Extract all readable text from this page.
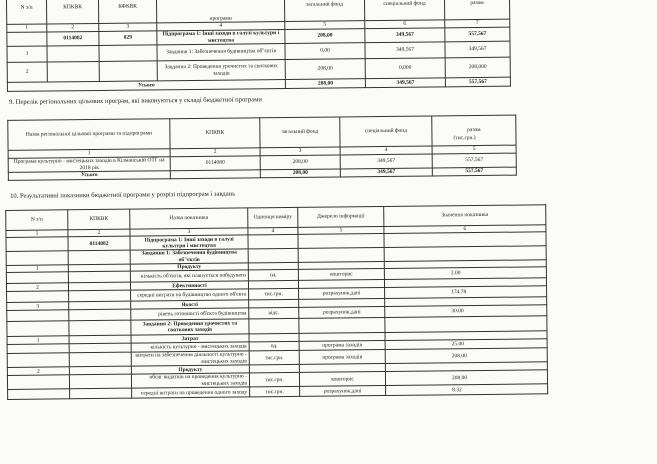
N з/п	КПКВК	КФКВК	програми	загальний фонд	спеціальний фонд	разом
1	2	3	4	5	6	7
	0114082	829	Підпрограма 1: Інші заходи в галузі культури і мистецтва	208,00	349,567	557,567
1			Завдання 1: Забезпечення будівництва об"єктів	0,00	349,567	349,567
2			Завдання 2: Проведення урочистих та святкових заходів	208,00	0,000	208,000
Усього				208,00	349,567	557,567
9. Перелік регіональних цільових програм, які виконуються у складі бюджетної програми
(тис.грн.)
Назва регіональної цільової програми та підпрограми	КПКВК	загальний фонд	спеціальний фонд	разом
1	2	3	4	5
Програма культурно - мистецьких заходів в Кілманській ОТГ на 2018 рік	0114080	208,00	349,567	557,567
Усього		208,00	349,567	557,567
10. Результативні показники бюджетної програми у розрізі підпрограм і завдань
N з/п	КПКВК	Назва показника	Одиниця виміру	Джерело інформації	Значення показника
1	2	3	4	5	6
	0114082	Підпрограма 1: Інші заходи в галузі культури і мистецтва			
		Завдання 1: Забезпечення будівництва об"єктів			
1		Продукту			
		кількість об'єктів, які планується побудувати	од.	кошторис	2.00
2		Ефективності			
		середні витрати на будівництво одного об'єкта	тис.грн.	розрахунок.дані	174.78
3		Якості			
		рівень готовності об'єкта будівництва	відс.	розрахунок.дані	30.00
		Завдання 2: Проведення урочистих та святкових заходів			
1		Затрат			
		кількість культурно - мистецьких заходів	од.	програма заходів	25.00
		витрати на забезпечення діяльності культурно - мистецьких заходів	тис.грн.	програма заходів	208.00
2		Продукту			
		обсяг видатків на проведення культурно - мистецьких заходів	тис.грн.	кошторис	208.00
		середні витрати на проведення одного заходу	тис.грн.	розрахунок.дані	8.32
